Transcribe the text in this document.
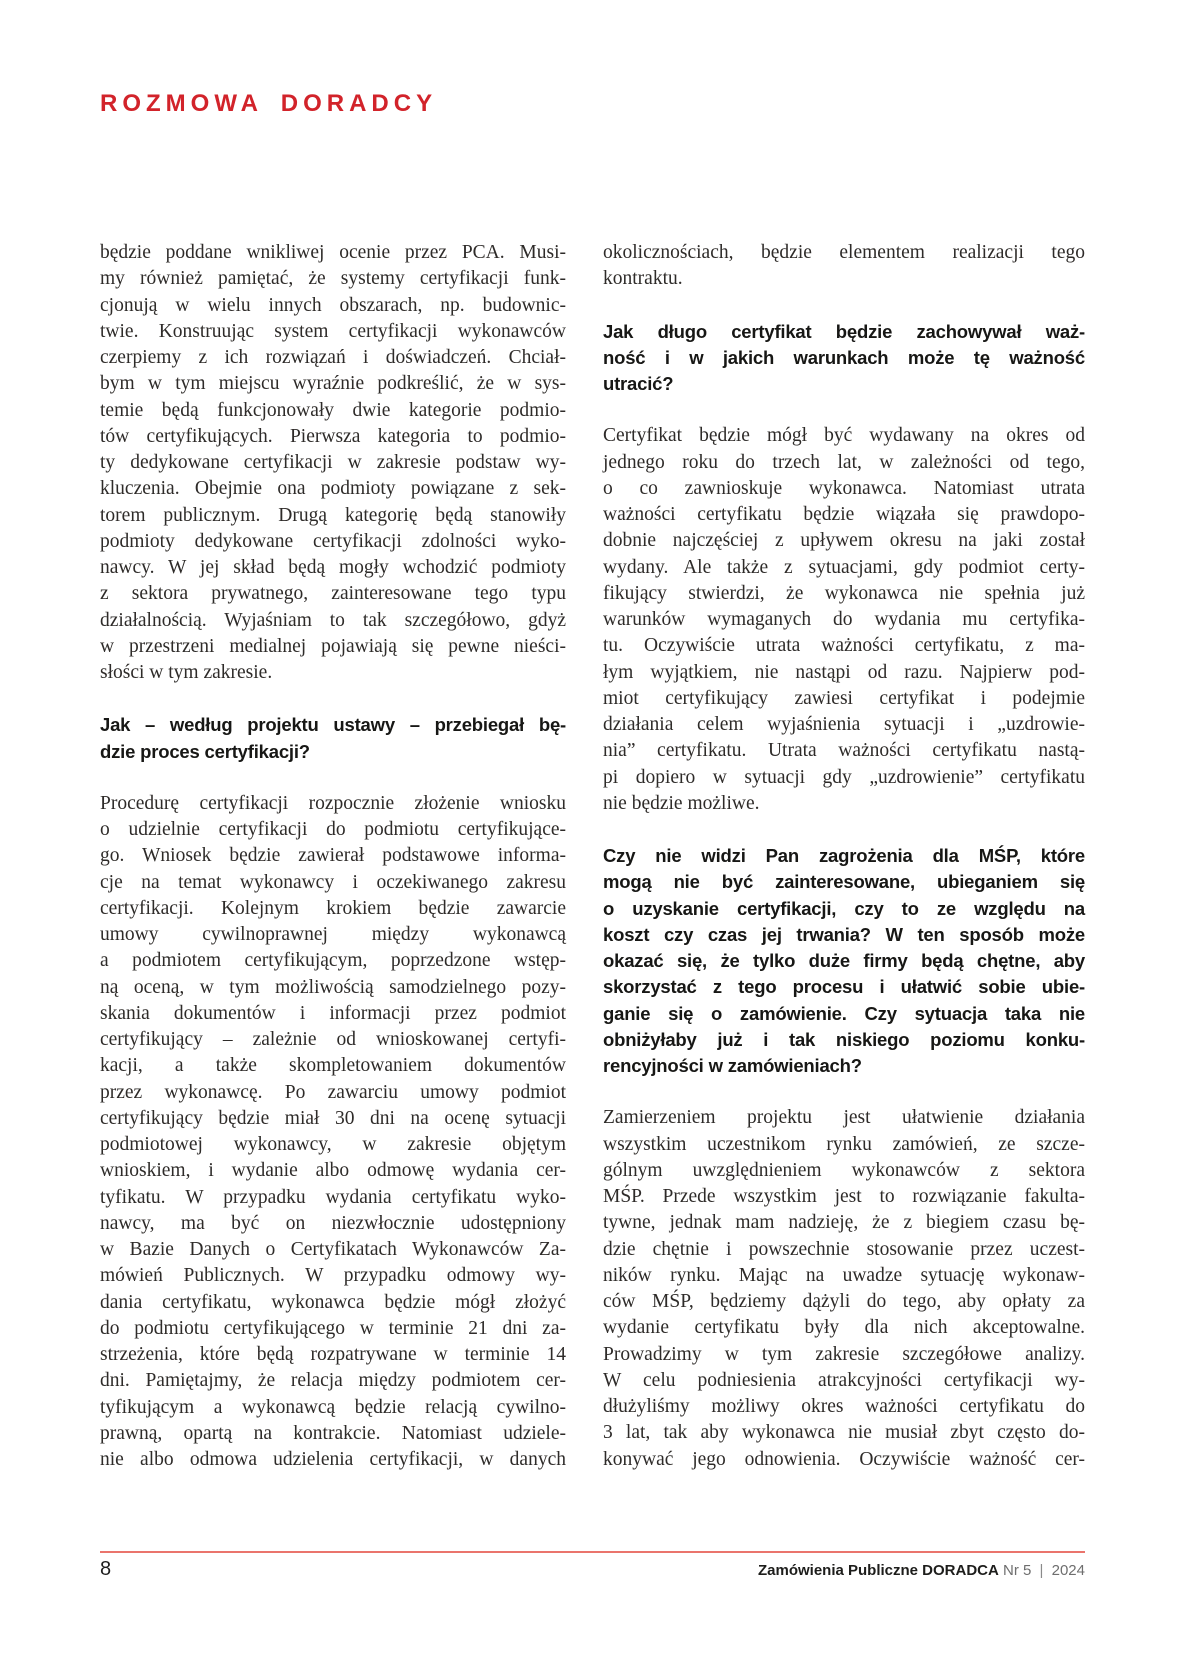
ROZMOWA DORADCY
będzie poddane wnikliwej ocenie przez PCA. Musi-
my również pamiętać, że systemy certyfikacji funk-
cjonują w wielu innych obszarach, np. budownic-
twie. Konstruując system certyfikacji wykonawców
czerpiemy z ich rozwiązań i doświadczeń. Chciał-
bym w tym miejscu wyraźnie podkreślić, że w sys-
temie będą funkcjonowały dwie kategorie podmio-
tów certyfikujących. Pierwsza kategoria to podmio-
ty dedykowane certyfikacji w zakresie podstaw wy-
kluczenia. Obejmie ona podmioty powiązane z sek-
torem publicznym. Drugą kategorię będą stanowiły
podmioty dedykowane certyfikacji zdolności wyko-
nawcy. W jej skład będą mogły wchodzić podmioty
z sektora prywatnego, zainteresowane tego typu
działalnością. Wyjaśniam to tak szczegółowo, gdyż
w przestrzeni medialnej pojawiają się pewne nieści-
słości w tym zakresie.
Jak – według projektu ustawy – przebiegał bę-
dzie proces certyfikacji?
Procedurę certyfikacji rozpocznie złożenie wniosku
o udzielnie certyfikacji do podmiotu certyfikujące-
go. Wniosek będzie zawierał podstawowe informa-
cje na temat wykonawcy i oczekiwanego zakresu
certyfikacji. Kolejnym krokiem będzie zawarcie
umowy cywilnoprawnej między wykonawcą
a podmiotem certyfikującym, poprzedzone wstęp-
ną oceną, w tym możliwością samodzielnego pozy-
skania dokumentów i informacji przez podmiot
certyfikujący – zależnie od wnioskowanej certyfi-
kacji, a także skompletowaniem dokumentów
przez wykonawcę. Po zawarciu umowy podmiot
certyfikujący będzie miał 30 dni na ocenę sytuacji
podmiotowej wykonawcy, w zakresie objętym
wnioskiem, i wydanie albo odmowę wydania cer-
tyfikatu. W przypadku wydania certyfikatu wyko-
nawcy, ma być on niezwłocznie udostępniony
w Bazie Danych o Certyfikatach Wykonawców Za-
mówień Publicznych. W przypadku odmowy wy-
dania certyfikatu, wykonawca będzie mógł złożyć
do podmiotu certyfikującego w terminie 21 dni za-
strzeżenia, które będą rozpatrywane w terminie 14
dni. Pamiętajmy, że relacja między podmiotem cer-
tyfikującym a wykonawcą będzie relacją cywilno-
prawną, opartą na kontrakcie. Natomiast udziele-
nie albo odmowa udzielenia certyfikacji, w danych
okolicznościach, będzie elementem realizacji tego
kontraktu.
Jak długo certyfikat będzie zachowywał waż-
ność i w jakich warunkach może tę ważność
utracić?
Certyfikat będzie mógł być wydawany na okres od
jednego roku do trzech lat, w zależności od tego,
o co zawnioskuje wykonawca. Natomiast utrata
ważności certyfikatu będzie wiązała się prawdopo-
dobnie najczęściej z upływem okresu na jaki został
wydany. Ale także z sytuacjami, gdy podmiot certy-
fikujący stwierdzi, że wykonawca nie spełnia już
warunków wymaganych do wydania mu certyfika-
tu. Oczywiście utrata ważności certyfikatu, z ma-
łym wyjątkiem, nie nastąpi od razu. Najpierw pod-
miot certyfikujący zawiesi certyfikat i podejmie
działania celem wyjaśnienia sytuacji i „uzdrowie-
nia” certyfikatu. Utrata ważności certyfikatu nastą-
pi dopiero w sytuacji gdy „uzdrowienie” certyfikatu
nie będzie możliwe.
Czy nie widzi Pan zagrożenia dla MŚP, które
mogą nie być zainteresowane, ubieganiem się
o uzyskanie certyfikacji, czy to ze względu na
koszt czy czas jej trwania? W ten sposób może
okazać się, że tylko duże firmy będą chętne, aby
skorzystać z tego procesu i ułatwić sobie ubie-
ganie się o zamówienie. Czy sytuacja taka nie
obniżyłaby już i tak niskiego poziomu konku-
rencyjności w zamówieniach?
Zamierzeniem projektu jest ułatwienie działania
wszystkim uczestnikom rynku zamówień, ze szcze-
gólnym uwzględnieniem wykonawców z sektora
MŚP. Przede wszystkim jest to rozwiązanie fakulta-
tywne, jednak mam nadzieję, że z biegiem czasu bę-
dzie chętnie i powszechnie stosowanie przez uczest-
ników rynku. Mając na uwadze sytuację wykonaw-
ców MŚP, będziemy dążyli do tego, aby opłaty za
wydanie certyfikatu były dla nich akceptowalne.
Prowadzimy w tym zakresie szczegółowe analizy.
W celu podniesienia atrakcyjności certyfikacji wy-
dłużyliśmy możliwy okres ważności certyfikatu do
3 lat, tak aby wykonawca nie musiał zbyt często do-
konywać jego odnowienia. Oczywiście ważność cer-
8	Zamówienia Publiczne DORADCA Nr 5 | 2024
